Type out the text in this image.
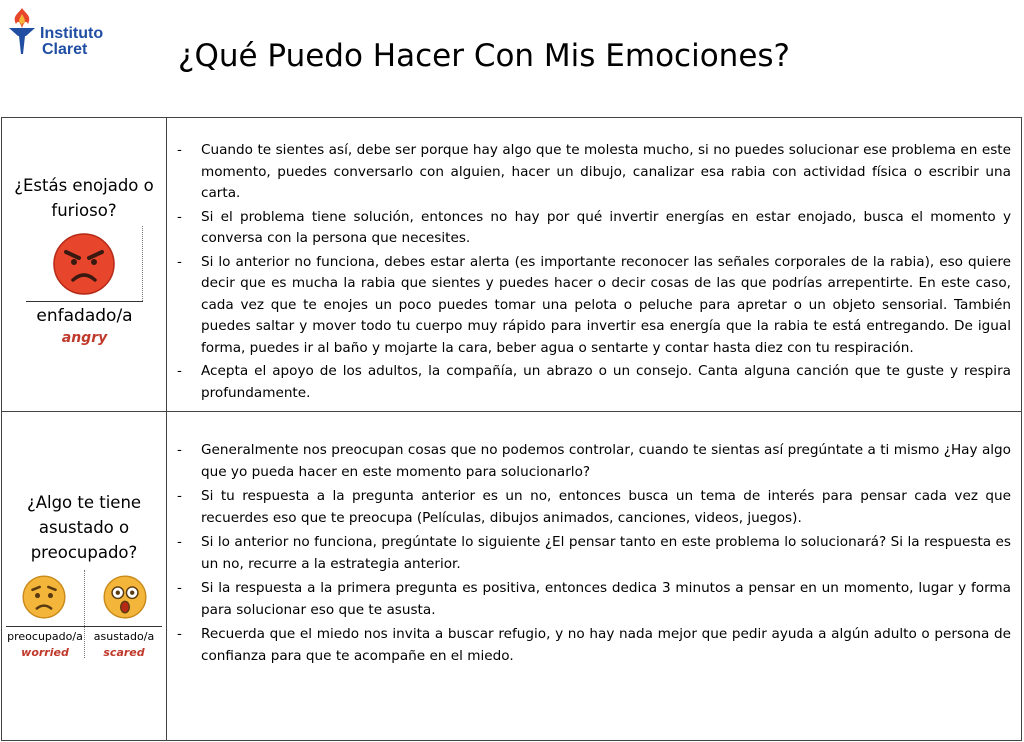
Instituto
Claret	¿Qué Puedo Hacer Con Mis Emociones?
¿Estás enojado o furioso?
enfadado/a
angry
- Cuando te sientes así, debe ser porque hay algo que te molesta mucho, si no puedes solucionar ese problema en este momento, puedes conversarlo con alguien, hacer un dibujo, canalizar esa rabia con actividad física o escribir una carta.
- Si el problema tiene solución, entonces no hay por qué invertir energías en estar enojado, busca el momento y conversa con la persona que necesites.
- Si lo anterior no funciona, debes estar alerta (es importante reconocer las señales corporales de la rabia), eso quiere decir que es mucha la rabia que sientes y puedes hacer o decir cosas de las que podrías arrepentirte. En este caso, cada vez que te enojes un poco puedes tomar una pelota o peluche para apretar o un objeto sensorial. También puedes saltar y mover todo tu cuerpo muy rápido para invertir esa energía que la rabia te está entregando. De igual forma, puedes ir al baño y mojarte la cara, beber agua o sentarte y contar hasta diez con tu respiración.
- Acepta el apoyo de los adultos, la compañía, un abrazo o un consejo. Canta alguna canción que te guste y respira profundamente.
¿Algo te tiene asustado o preocupado?
preocupado/a
worried
asustado/a
scared
- Generalmente nos preocupan cosas que no podemos controlar, cuando te sientas así pregúntate a ti mismo ¿Hay algo que yo pueda hacer en este momento para solucionarlo?
- Si tu respuesta a la pregunta anterior es un no, entonces busca un tema de interés para pensar cada vez que recuerdes eso que te preocupa (Películas, dibujos animados, canciones, videos, juegos).
- Si lo anterior no funciona, pregúntate lo siguiente ¿El pensar tanto en este problema lo solucionará? Si la respuesta es un no, recurre a la estrategia anterior.
- Si la respuesta a la primera pregunta es positiva, entonces dedica 3 minutos a pensar en un momento, lugar y forma para solucionar eso que te asusta.
- Recuerda que el miedo nos invita a buscar refugio, y no hay nada mejor que pedir ayuda a algún adulto o persona de confianza para que te acompañe en el miedo.
